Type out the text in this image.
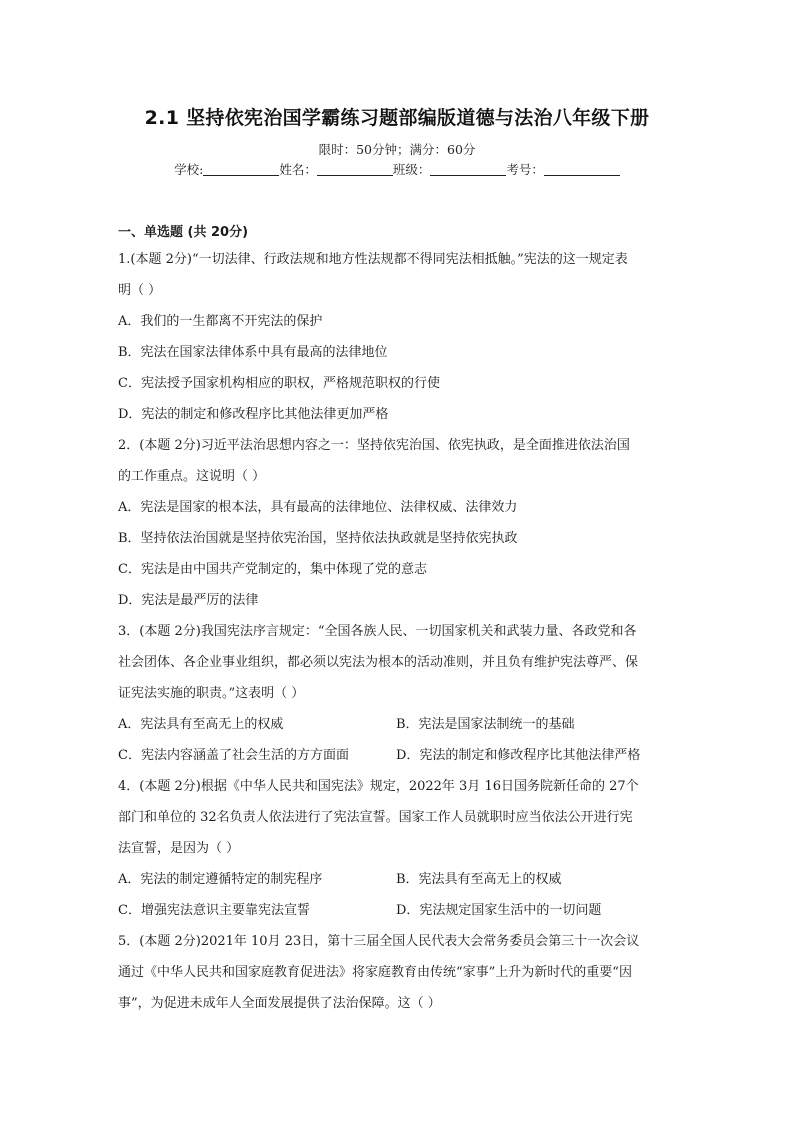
2.1 坚持依宪治国学霸练习题部编版道德与法治八年级下册
限时：50分钟；满分：60分
学校:	姓名：	班级：	考号：
一、单选题 (共 20分)
1.(本题 2分)“一切法律、行政法规和地方性法规都不得同宪法相抵触。”宪法的这一规定表
明（ ）
A．我们的一生都离不开宪法的保护
B．宪法在国家法律体系中具有最高的法律地位
C．宪法授予国家机构相应的职权，严格规范职权的行使
D．宪法的制定和修改程序比其他法律更加严格
2．(本题 2分)习近平法治思想内容之一：坚持依宪治国、依宪执政，是全面推进依法治国
的工作重点。这说明（ ）
A．宪法是国家的根本法，具有最高的法律地位、法律权威、法律效力
B．坚持依法治国就是坚持依宪治国，坚持依法执政就是坚持依宪执政
C．宪法是由中国共产党制定的，集中体现了党的意志
D．宪法是最严厉的法律
3．(本题 2分)我国宪法序言规定：“全国各族人民、一切国家机关和武装力量、各政党和各
社会团体、各企业事业组织，都必须以宪法为根本的活动准则，并且负有维护宪法尊严、保
证宪法实施的职责。”这表明（ ）
A．宪法具有至高无上的权威	B．宪法是国家法制统一的基础
C．宪法内容涵盖了社会生活的方方面面	D．宪法的制定和修改程序比其他法律严格
4．(本题 2分)根据《中华人民共和国宪法》规定，2022年 3月 16日国务院新任命的 27个
部门和单位的 32名负责人依法进行了宪法宣誓。国家工作人员就职时应当依法公开进行宪
法宣誓，是因为（ ）
A．宪法的制定遵循特定的制宪程序	B．宪法具有至高无上的权威
C．增强宪法意识主要靠宪法宣誓	D．宪法规定国家生活中的一切问题
5．(本题 2分)2021年 10月 23日，第十三届全国人民代表大会常务委员会第三十一次会议
通过《中华人民共和国家庭教育促进法》将家庭教育由传统“家事”上升为新时代的重要“因
事”，为促进未成年人全面发展提供了法治保障。这（ ）
